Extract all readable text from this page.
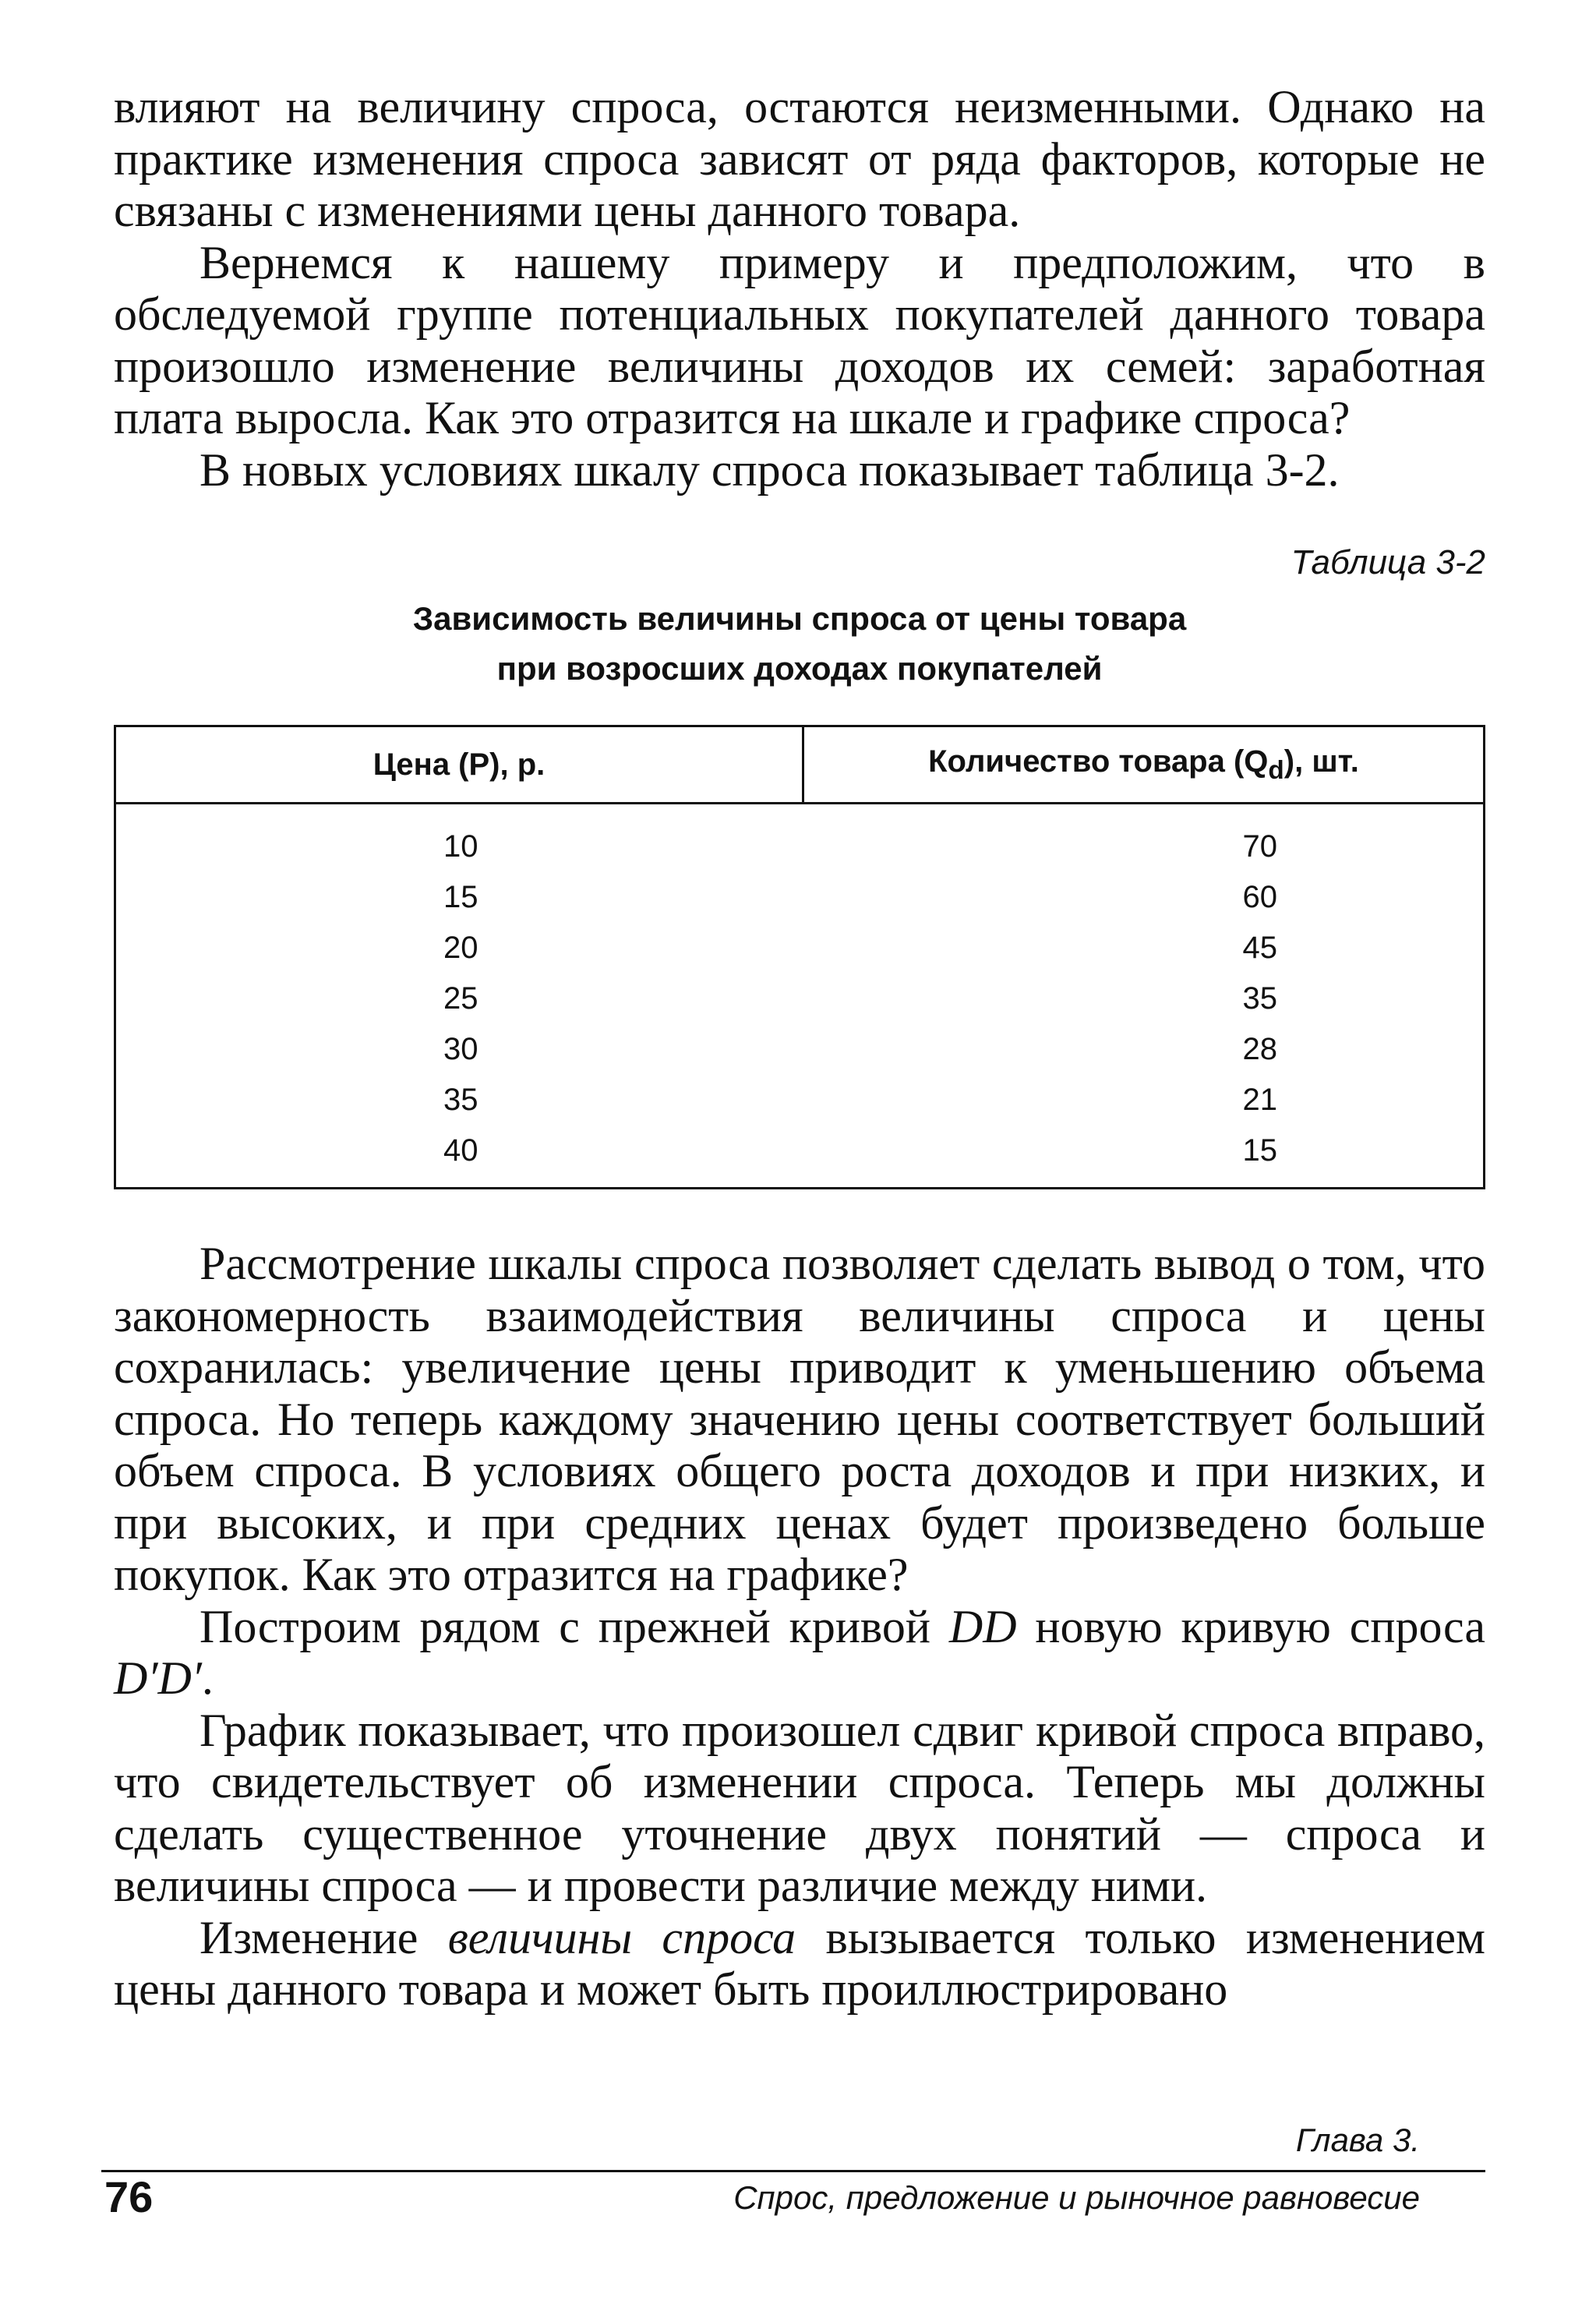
влияют на величину спроса, остаются неизменными. Однако на практике изменения спроса зависят от ряда факторов, которые не связаны с изменениями цены данного товара.

Вернемся к нашему примеру и предположим, что в обследуемой группе потенциальных покупателей данного товара произошло изменение величины доходов их семей: заработная плата выросла. Как это отразится на шкале и графике спроса?

В новых условиях шкалу спроса показывает таблица 3-2.

Таблица 3-2
Зависимость величины спроса от цены товара
при возросших доходах покупателей
Цена (P), р.	Количество товара $(Q_d)$, шт.
10	70
15	60
20	45
25	35
30	28
35	21
40	15

Рассмотрение шкалы спроса позволяет сделать вывод о том, что закономерность взаимодействия величины спроса и цены сохранилась: увеличение цены приводит к уменьшению объема спроса. Но теперь каждому значению цены соответствует больший объем спроса. В условиях общего роста доходов и при низких, и при высоких, и при средних ценах будет произведено больше покупок. Как это отразится на графике?

Построим рядом с прежней кривой DD новую кривую спроса D′D′.

График показывает, что произошел сдвиг кривой спроса вправо, что свидетельствует об изменении спроса. Теперь мы должны сделать существенное уточнение двух понятий — спроса и величины спроса — и провести различие между ними.

Изменение величины спроса вызывается только изменением цены данного товара и может быть проиллюстрировано

Глава 3.
76	Спрос, предложение и рыночное равновесие
